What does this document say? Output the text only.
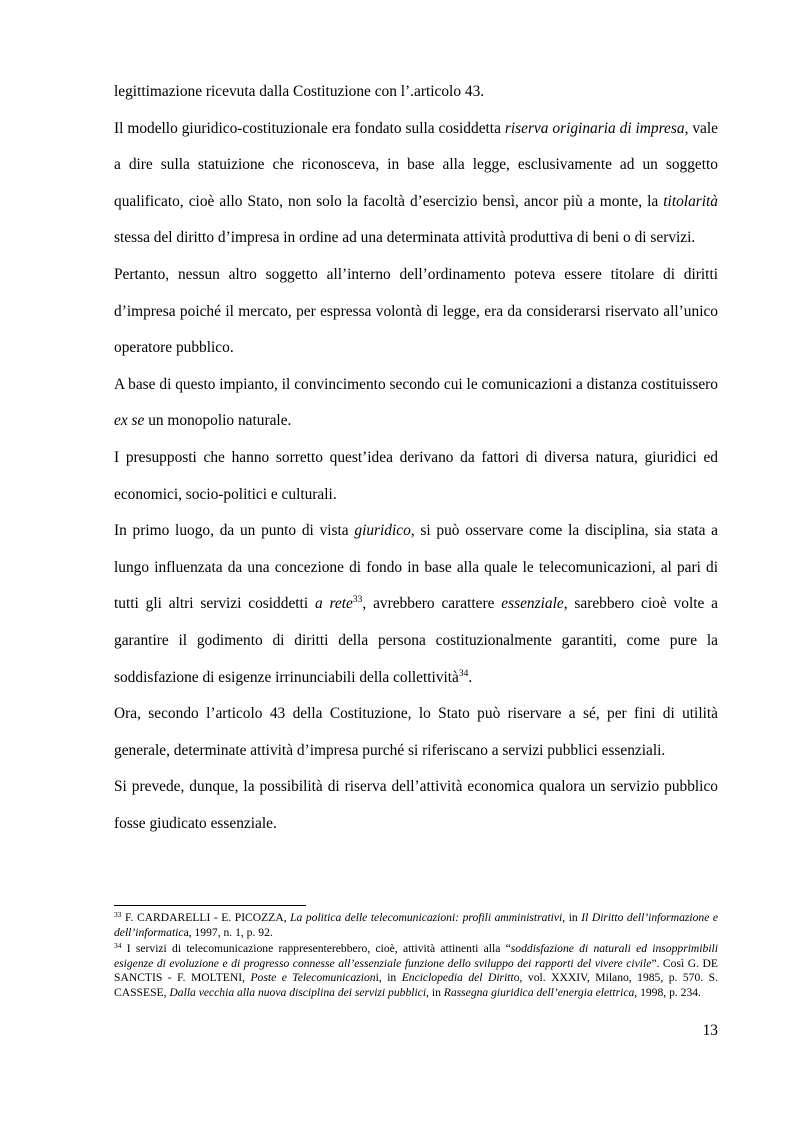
legittimazione ricevuta dalla Costituzione con l’.articolo 43.

Il modello giuridico-costituzionale era fondato sulla cosiddetta riserva originaria di impresa, vale a dire sulla statuizione che riconosceva, in base alla legge, esclusivamente ad un soggetto qualificato, cioè allo Stato, non solo la facoltà d’esercizio bensì, ancor più a monte, la titolarità stessa del diritto d’impresa in ordine ad una determinata attività produttiva di beni o di servizi.

Pertanto, nessun altro soggetto all’interno dell’ordinamento poteva essere titolare di diritti d’impresa poiché il mercato, per espressa volontà di legge, era da considerarsi riservato all’unico operatore pubblico.

A base di questo impianto, il convincimento secondo cui le comunicazioni a distanza costituissero ex se un monopolio naturale.

I presupposti che hanno sorretto quest’idea derivano da fattori di diversa natura, giuridici ed economici, socio-politici e culturali.

In primo luogo, da un punto di vista giuridico, si può osservare come la disciplina, sia stata a lungo influenzata da una concezione di fondo in base alla quale le telecomunicazioni, al pari di tutti gli altri servizi cosiddetti a rete$^{33}$, avrebbero carattere essenziale, sarebbero cioè volte a garantire il godimento di diritti della persona costituzionalmente garantiti, come pure la soddisfazione di esigenze irrinunciabili della collettività$^{34}$.

Ora, secondo l’articolo 43 della Costituzione, lo Stato può riservare a sé, per fini di utilità generale, determinate attività d’impresa purché si riferiscano a servizi pubblici essenziali.

Si prevede, dunque, la possibilità di riserva dell’attività economica qualora un servizio pubblico fosse giudicato essenziale.

$^{33}$ F. CARDARELLI - E. PICOZZA, La politica delle telecomunicazioni: profili amministrativi, in Il Diritto dell’informazione e dell’informatica, 1997, n. 1, p. 92.

$^{34}$ I servizi di telecomunicazione rappresenterebbero, cioè, attività attinenti alla “soddisfazione di naturali ed insopprimibili esigenze di evoluzione e di progresso connesse all’essenziale funzione dello sviluppo dei rapporti del vivere civile”. Così G. DE SANCTIS - F. MOLTENI, Poste e Telecomunicazioni, in Enciclopedia del Diritto, vol. XXXIV, Milano, 1985, p. 570. S. CASSESE, Dalla vecchia alla nuova disciplina dei servizi pubblici, in Rassegna giuridica dell’energia elettrica, 1998, p. 234.

13
